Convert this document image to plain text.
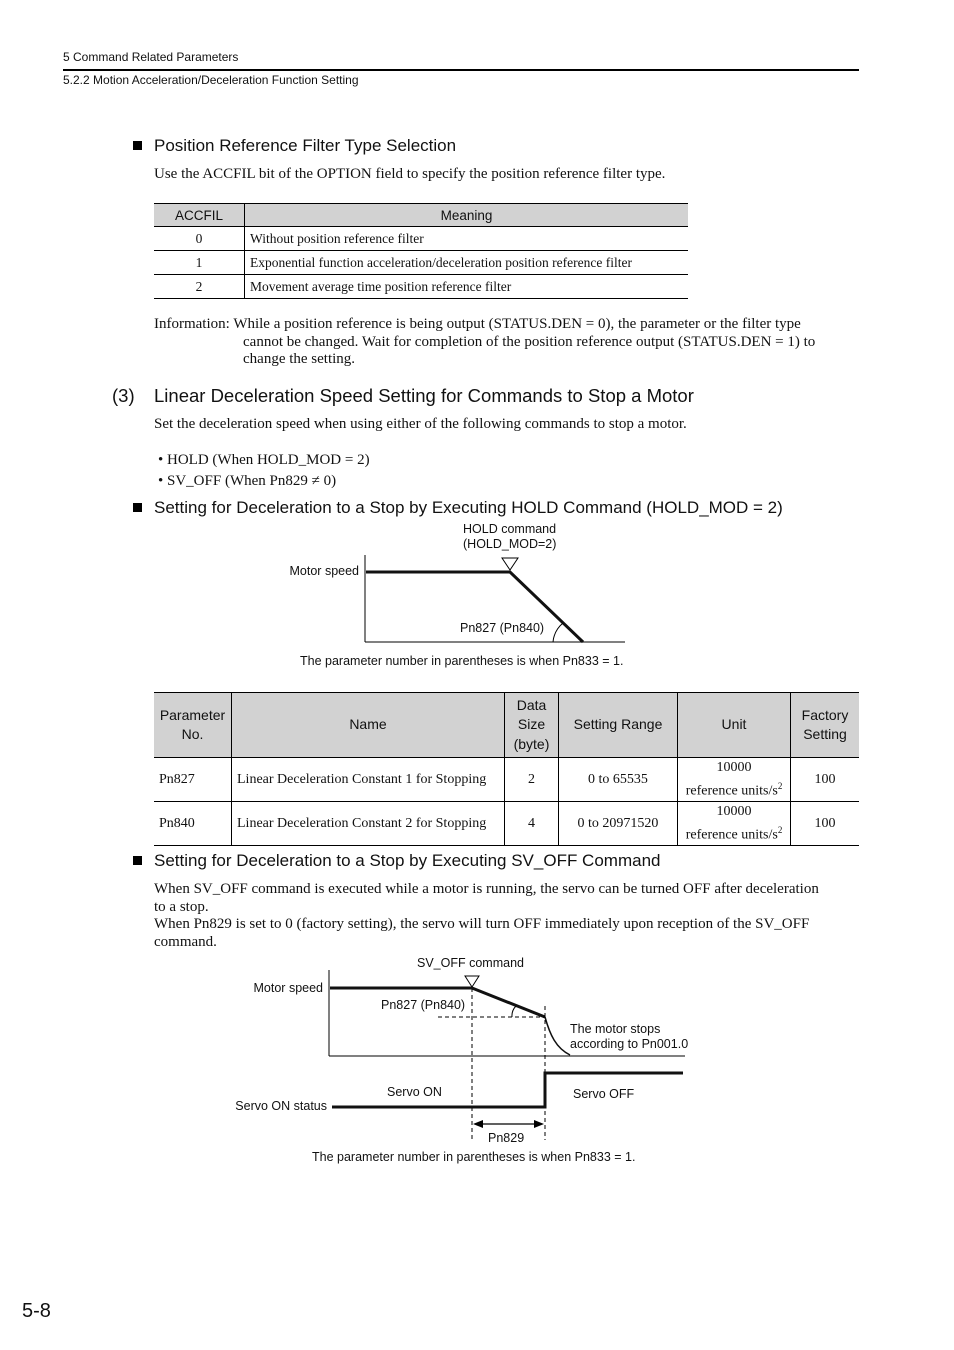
5 Command Related Parameters
5.2.2 Motion Acceleration/Deceleration Function Setting
Position Reference Filter Type Selection
Use the ACCFIL bit of the OPTION field to specify the position reference filter type.
ACCFIL	Meaning
0	Without position reference filter
1	Exponential function acceleration/deceleration position reference filter
2	Movement average time position reference filter
Information: While a position reference is being output (STATUS.DEN = 0), the parameter or the filter type
cannot be changed. Wait for completion of the position reference output (STATUS.DEN = 1) to
change the setting.
(3) Linear Deceleration Speed Setting for Commands to Stop a Motor
Set the deceleration speed when using either of the following commands to stop a motor.
• HOLD (When HOLD_MOD = 2)
• SV_OFF (When Pn829 ≠ 0)
Setting for Deceleration to a Stop by Executing HOLD Command (HOLD_MOD = 2)
HOLD command
(HOLD_MOD=2)
Motor speed
Pn827 (Pn840)
The parameter number in parentheses is when Pn833 = 1.
Parameter
No.	Name	Data
Size
(byte)	Setting Range	Unit	Factory
Setting
Pn827	Linear Deceleration Constant 1 for Stopping	2	0 to 65535	10000
reference units/$s^2$	100
Pn840	Linear Deceleration Constant 2 for Stopping	4	0 to 20971520	10000
reference units/$s^2$	100
Setting for Deceleration to a Stop by Executing SV_OFF Command
When SV_OFF command is executed while a motor is running, the servo can be turned OFF after deceleration
to a stop.
When Pn829 is set to 0 (factory setting), the servo will turn OFF immediately upon reception of the SV_OFF
command.
SV_OFF command
Motor speed
Pn827 (Pn840)
The motor stops
according to Pn001.0
Servo ON	Servo OFF
Servo ON status
Pn829
The parameter number in parentheses is when Pn833 = 1.
5-8
